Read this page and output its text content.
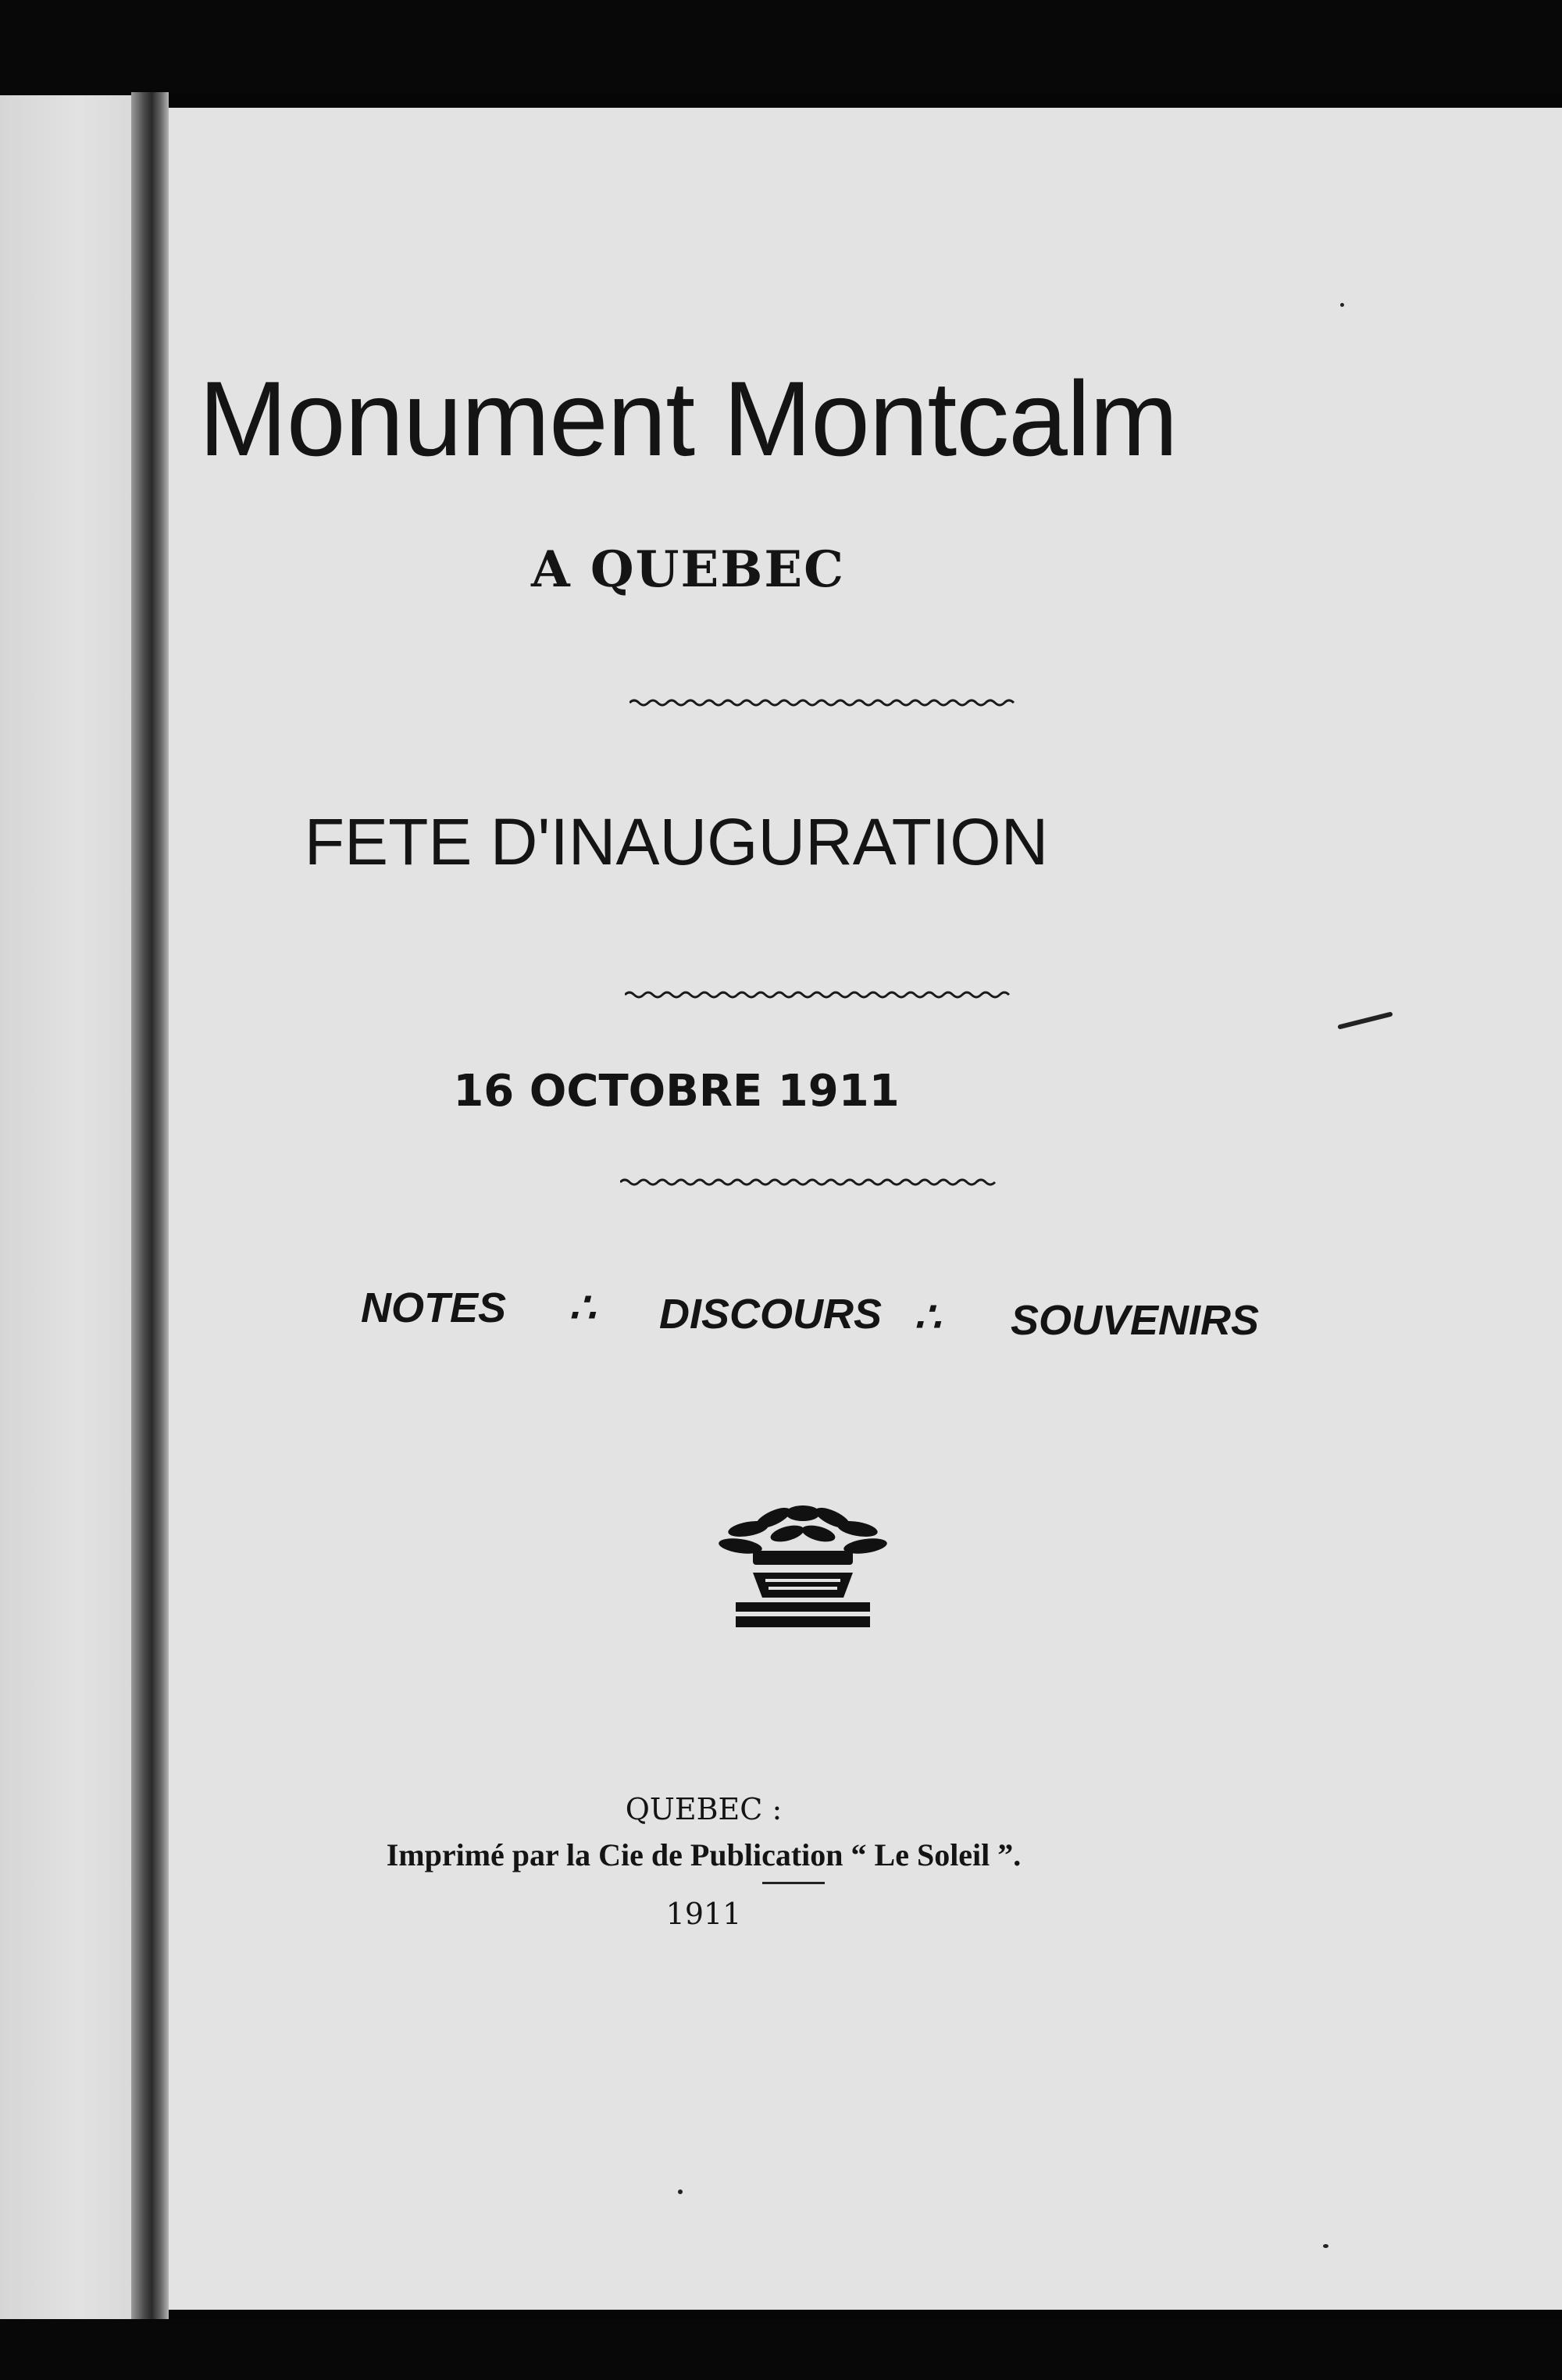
Monument Montcalm
A QUEBEC
FETE D'INAUGURATION
16 OCTOBRE 1911
NOTES ∴ DISCOURS ∴ SOUVENIRS
QUEBEC :
Imprimé par la Cie de Publication “ Le Soleil ”.
1911
